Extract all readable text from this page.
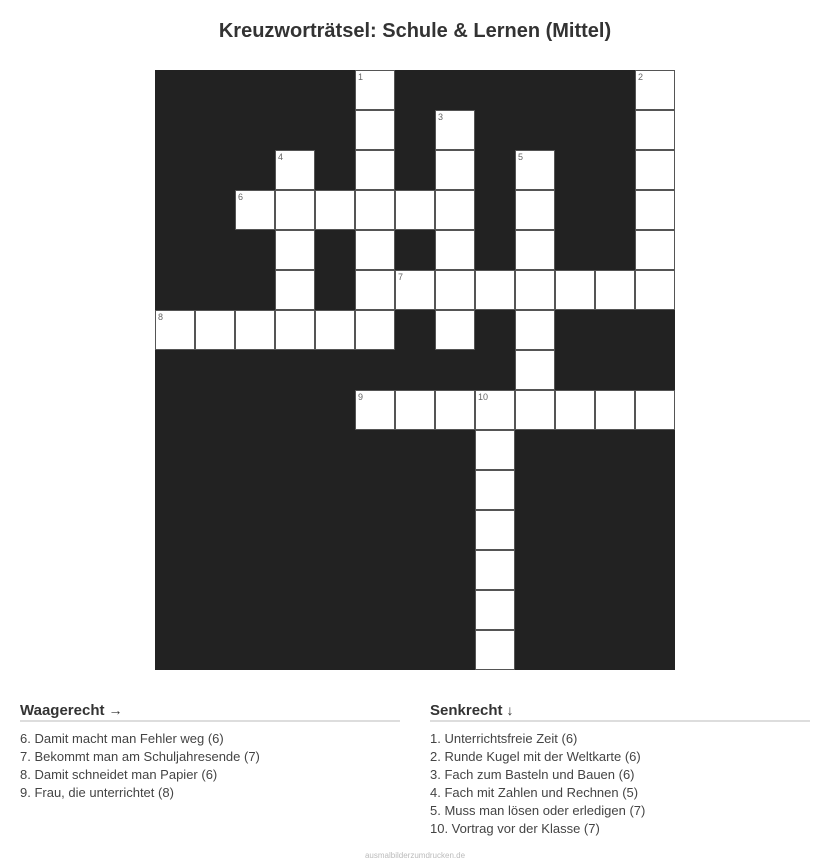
Kreuzworträtsel: Schule & Lernen (Mittel)
1	2
3
4	5
6
7
8
9	10
Waagerecht →
6. Damit macht man Fehler weg (6)
7. Bekommt man am Schuljahresende (7)
8. Damit schneidet man Papier (6)
9. Frau, die unterrichtet (8)
Senkrecht ↓
1. Unterrichtsfreie Zeit (6)
2. Runde Kugel mit der Weltkarte (6)
3. Fach zum Basteln und Bauen (6)
4. Fach mit Zahlen und Rechnen (5)
5. Muss man lösen oder erledigen (7)
10. Vortrag vor der Klasse (7)
ausmalbilderzumdrucken.de
